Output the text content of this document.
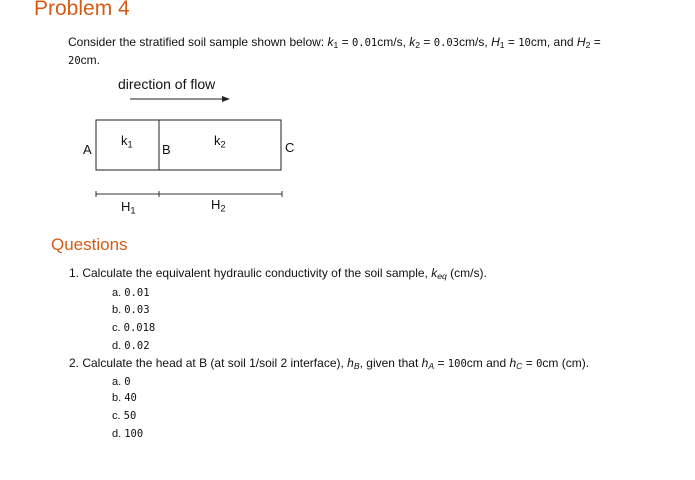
Problem 4
Consider the stratified soil sample shown below: $k_1 = 0.01cm/s$, $k_2 = 0.03cm/s$, $H_1 = 10cm$, and $H_2$ =
20cm.
direction of flow
A	B	C
$k_1$	$k_2$
$H_1$	$H_2$
Questions
1. Calculate the equivalent hydraulic conductivity of the soil sample, $k_{eq}$ (cm/s).
a. 0.01
b. 0.03
c. 0.018
d. 0.02
2. Calculate the head at B (at soil 1/soil 2 interface), $h_B$, given that $h_A = 100cm$ and $h_C = 0cm$ (cm).
a. 0
b. 40
c. 50
d. 100
